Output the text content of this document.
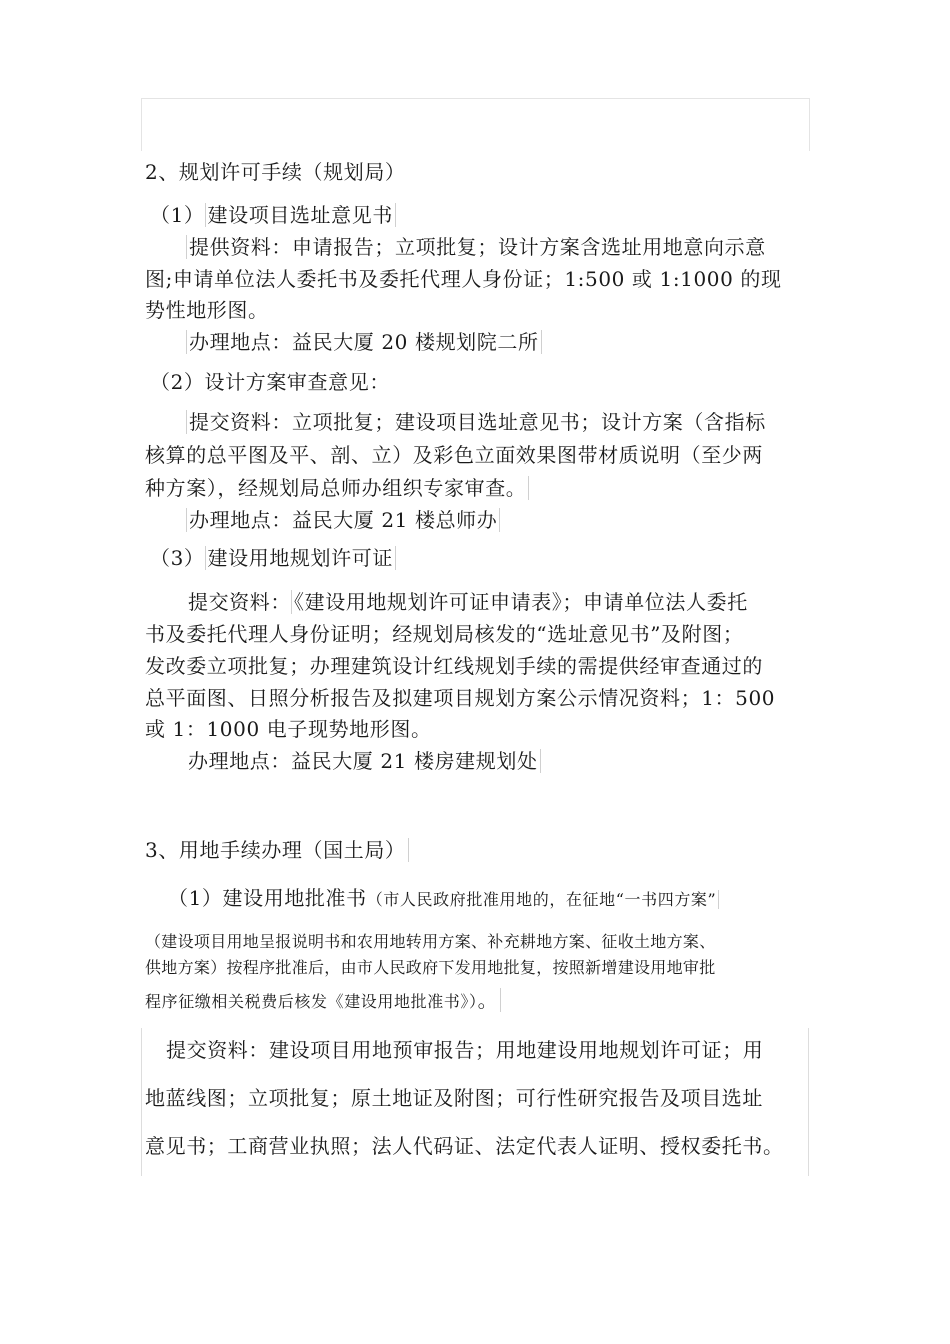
2、规划许可手续（规划局）
（1） 建设项目选址意见书
提供资料：申请报告；立项批复；设计方案含选址用地意向示意
图;申请单位法人委托书及委托代理人身份证；1:500 或 1:1000 的现
势性地形图。
办理地点：益民大厦 20 楼规划院二所
（2）设计方案审查意见：
提交资料：立项批复；建设项目选址意见书；设计方案（含指标
核算的总平图及平、剖、立）及彩色立面效果图带材质说明（至少两
种方案），经规划局总师办组织专家审查。
办理地点：益民大厦 21 楼总师办
（3） 建设用地规划许可证
提交资料： 《建设用地规划许可证申请表》；申请单位法人委托
书及委托代理人身份证明；经规划局核发的“选址意见书”及附图；
发改委立项批复；办理建筑设计红线规划手续的需提供经审查通过的
总平面图、日照分析报告及拟建项目规划方案公示情况资料；1：500
或 1：1000 电子现势地形图。
办理地点：益民大厦 21 楼房建规划处
3、用地手续办理（国土局）
（1）建设用地批准书（市人民政府批准用地的，在征地“一书四方案”
（建设项目用地呈报说明书和农用地转用方案、补充耕地方案、征收土地方案、
供地方案）按程序批准后，由市人民政府下发用地批复，按照新增建设用地审批
程序征缴相关税费后核发《建设用地批准书》）。
提交资料：建设项目用地预审报告；用地建设用地规划许可证；用
地蓝线图；立项批复；原土地证及附图；可行性研究报告及项目选址
意见书；工商营业执照；法人代码证、法定代表人证明、授权委托书。
